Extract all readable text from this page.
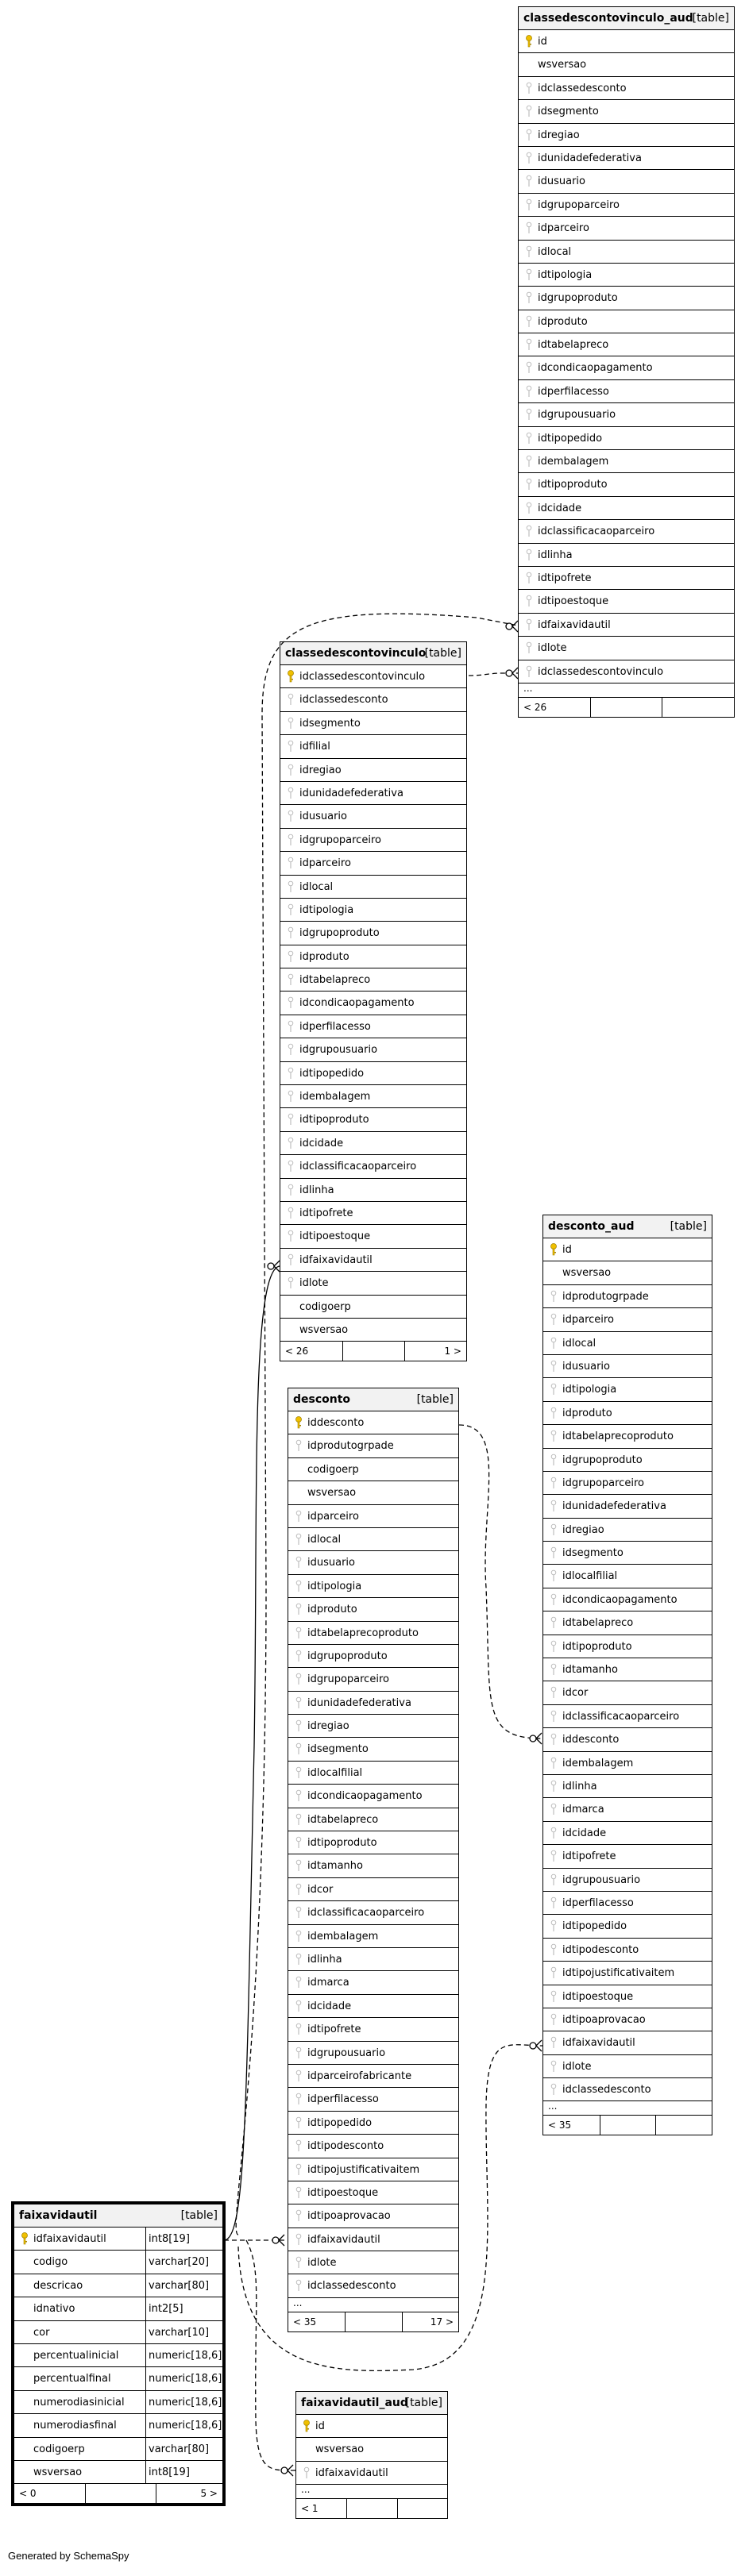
classedescontovinculo_aud
[table]
id
wsversao
idclassedesconto
idsegmento
idregiao
idunidadefederativa
idusuario
idgrupoparceiro
idparceiro
idlocal
idtipologia
idgrupoproduto
idproduto
idtabelapreco
idcondicaopagamento
idperfilacesso
idgrupousuario
idtipopedido
idembalagem
idtipoproduto
idcidade
idclassificacaoparceiro
idlinha
idtipofrete
idtipoestoque
idfaixavidautil
idlote
idclassedescontovinculo
...
< 26
classedescontovinculo
[table]
idclassedescontovinculo
idclassedesconto
idsegmento
idfilial
idregiao
idunidadefederativa
idusuario
idgrupoparceiro
idparceiro
idlocal
idtipologia
idgrupoproduto
idproduto
idtabelapreco
idcondicaopagamento
idperfilacesso
idgrupousuario
idtipopedido
idembalagem
idtipoproduto
idcidade
idclassificacaoparceiro
idlinha
idtipofrete
idtipoestoque
idfaixavidautil
idlote
codigoerp
wsversao
< 26	1 >
desconto_aud	[table]
id
wsversao
idprodutogrpade
idparceiro
idlocal
idusuario
idtipologia
idproduto
idtabelaprecoproduto
idgrupoproduto
idgrupoparceiro
idunidadefederativa
idregiao
idsegmento
idlocalfilial
idcondicaopagamento
idtabelapreco
idtipoproduto
idtamanho
idcor
idclassificacaoparceiro
iddesconto
idembalagem
idlinha
idmarca
idcidade
idtipofrete
idgrupousuario
idperfilacesso
idtipopedido
idtipodesconto
idtipojustificativaitem
idtipoestoque
idtipoaprovacao
idfaixavidautil
idlote
idclassedesconto
...
< 35
desconto	[table]
iddesconto
idprodutogrpade
codigoerp
wsversao
idparceiro
idlocal
idusuario
idtipologia
idproduto
idtabelaprecoproduto
idgrupoproduto
idgrupoparceiro
idunidadefederativa
idregiao
idsegmento
idlocalfilial
idcondicaopagamento
idtabelapreco
idtipoproduto
idtamanho
idcor
idclassificacaoparceiro
idembalagem
idlinha
idmarca
idcidade
idtipofrete
idgrupousuario
idparceirofabricante
idperfilacesso
idtipopedido
idtipodesconto
idtipojustificativaitem
idtipoestoque
idtipoaprovacao
idfaixavidautil
idlote
idclassedesconto
...
< 35	17 >
faixavidautil	[table]
idfaixavidautil	int8[19]
codigo	varchar[20]
descricao	varchar[80]
idnativo	int2[5]
cor	varchar[10]
percentualinicial	numeric[18,6]
percentualfinal	numeric[18,6]
numerodiasinicial numeric[18,6]
numerodiasfinal	numeric[18,6]
codigoerp	varchar[80]
wsversao	int8[19]
< 0	5 >
faixavidautil_aud
[table]
id
wsversao
idfaixavidautil
...
< 1
Generated by SchemaSpy
